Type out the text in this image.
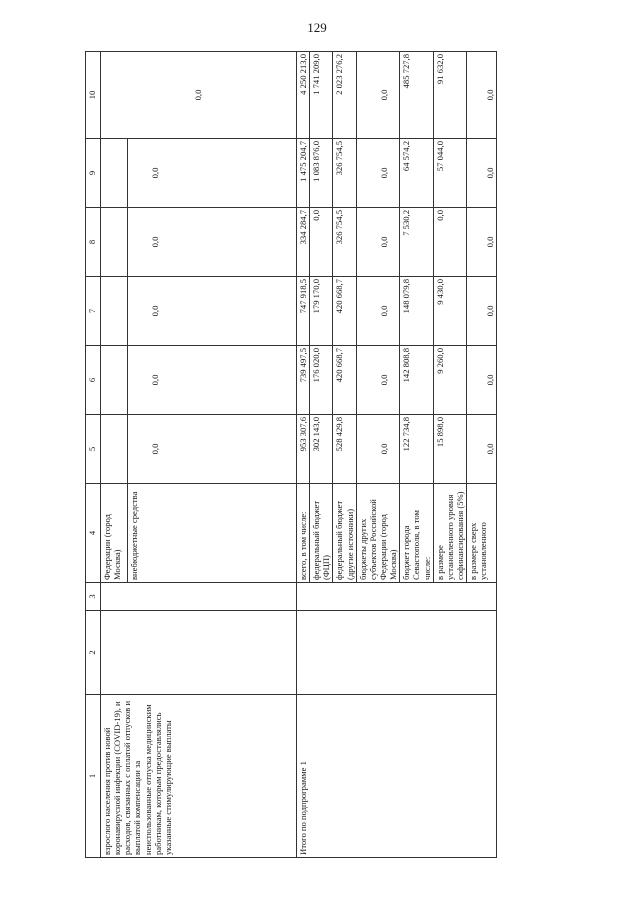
129
1	2	3	4	5	6	7	8	9	10
взрослого населения против новой коронавирусной инфекции (COVID-19), и расходов, связанных с оплатой отпусков и выплатой компенсации за неиспользованные отпуска медицинским работникам, которым предоставлялись указанные стимулирующие выплаты			Федерации (город Москва)						0,0
			внебюджетные средства	0,0	0,0	0,0	0,0	0,0	
Итого по подпрограмме 1			всего, в том числе:	953 307,6	739 497,5	747 918,5	334 284,7	1 475 204,7	4 250 213,0
			федеральный бюджет (ФЦП)	302 143,0	176 020,0	179 170,0	0,0	1 083 876,0	1 741 209,0
			федеральный бюджет (другие источники)	528 429,8	420 668,7	420 668,7	326 754,5	326 754,5	2 023 276,2
			бюджеты других субъектов Российской Федерации (город Москва)	0,0	0,0	0,0	0,0	0,0	0,0
			бюджет города Севастополя, в том числе:	122 734,8	142 808,8	148 079,8	7 530,2	64 574,2	485 727,8
			в размере установленного уровня софинансирования (5%)	15 898,0	9 260,0	9 430,0	0,0	57 044,0	91 632,0
			в размере сверх установленного	0,0	0,0	0,0	0,0	0,0	0,0
